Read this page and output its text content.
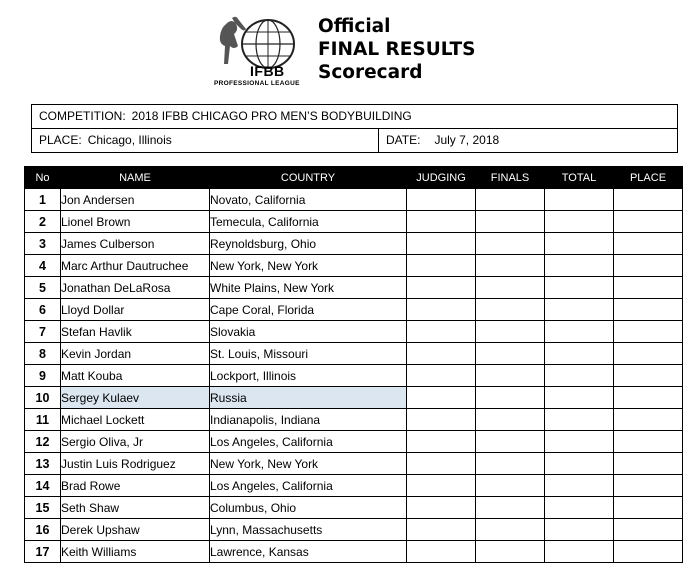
IFBB
PROFESSIONAL LEAGUE
Official
FINAL RESULTS
Scorecard
COMPETITION: 2018 IFBB CHICAGO PRO MEN’S BODYBUILDING
PLACE: Chicago, Illinois	DATE: July 7, 2018
No	NAME	COUNTRY	JUDGING	FINALS	TOTAL	PLACE
1	Jon Andersen	Novato, California				
2	Lionel Brown	Temecula, California				
3	James Culberson	Reynoldsburg, Ohio				
4	Marc Arthur Dautruchee	New York, New York				
5	Jonathan DeLaRosa	White Plains, New York				
6	Lloyd Dollar	Cape Coral, Florida				
7	Stefan Havlik	Slovakia				
8	Kevin Jordan	St. Louis, Missouri				
9	Matt Kouba	Lockport, Illinois				
10	Sergey Kulaev	Russia				
11	Michael Lockett	Indianapolis, Indiana				
12	Sergio Oliva, Jr	Los Angeles, California				
13	Justin Luis Rodriguez	New York, New York				
14	Brad Rowe	Los Angeles, California				
15	Seth Shaw	Columbus, Ohio				
16	Derek Upshaw	Lynn, Massachusetts				
17	Keith Williams	Lawrence, Kansas				
